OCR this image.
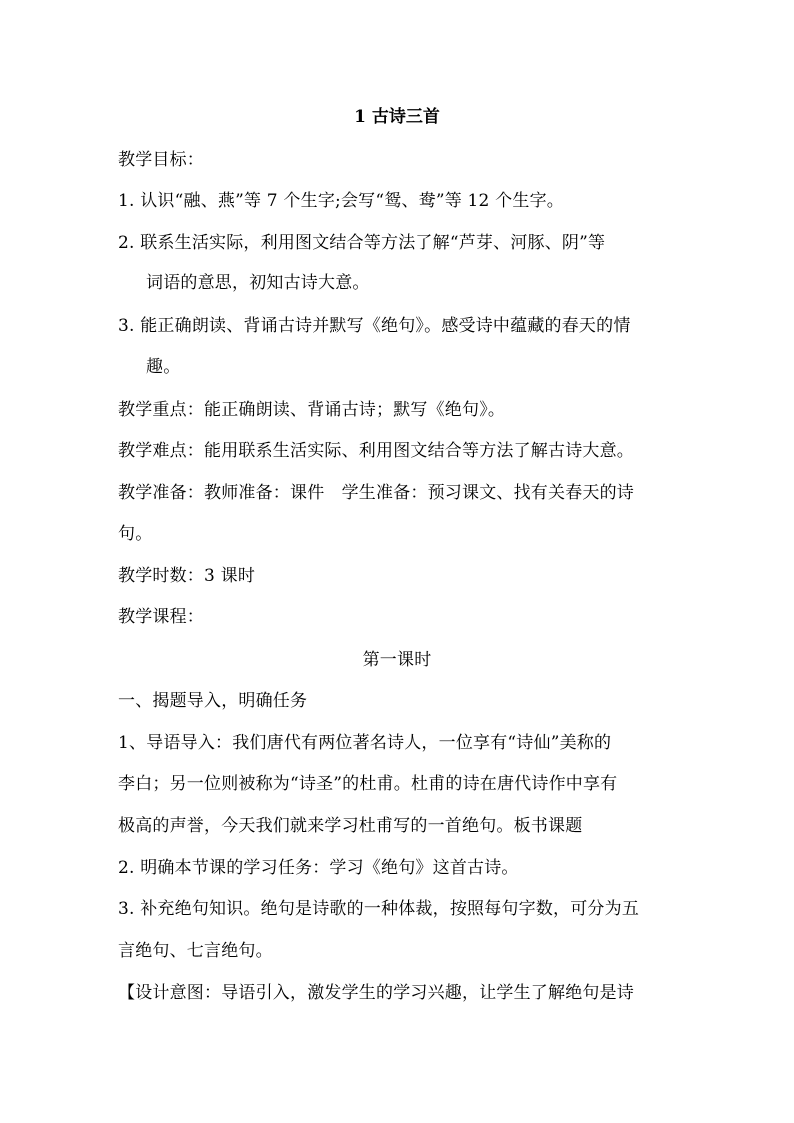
1 古诗三首
教学目标：
1. 认识“融、燕”等 7 个生字;会写“鸳、鸯”等 12 个生字。
2. 联系生活实际，利用图文结合等方法了解“芦芽、河豚、阴”等
词语的意思，初知古诗大意。
3. 能正确朗读、背诵古诗并默写《绝句》。感受诗中蕴藏的春天的情
趣。
教学重点：能正确朗读、背诵古诗；默写《绝句》。
教学难点：能用联系生活实际、利用图文结合等方法了解古诗大意。
教学准备：教师准备：课件　学生准备：预习课文、找有关春天的诗
句。
教学时数：3 课时
教学课程：
第一课时
一、揭题导入，明确任务
1、导语导入：我们唐代有两位著名诗人，一位享有“诗仙”美称的
李白；另一位则被称为“诗圣”的杜甫。杜甫的诗在唐代诗作中享有
极高的声誉，今天我们就来学习杜甫写的一首绝句。板书课题
2. 明确本节课的学习任务：学习《绝句》这首古诗。
3. 补充绝句知识。绝句是诗歌的一种体裁，按照每句字数，可分为五
言绝句、七言绝句。
【设计意图：导语引入，激发学生的学习兴趣，让学生了解绝句是诗
